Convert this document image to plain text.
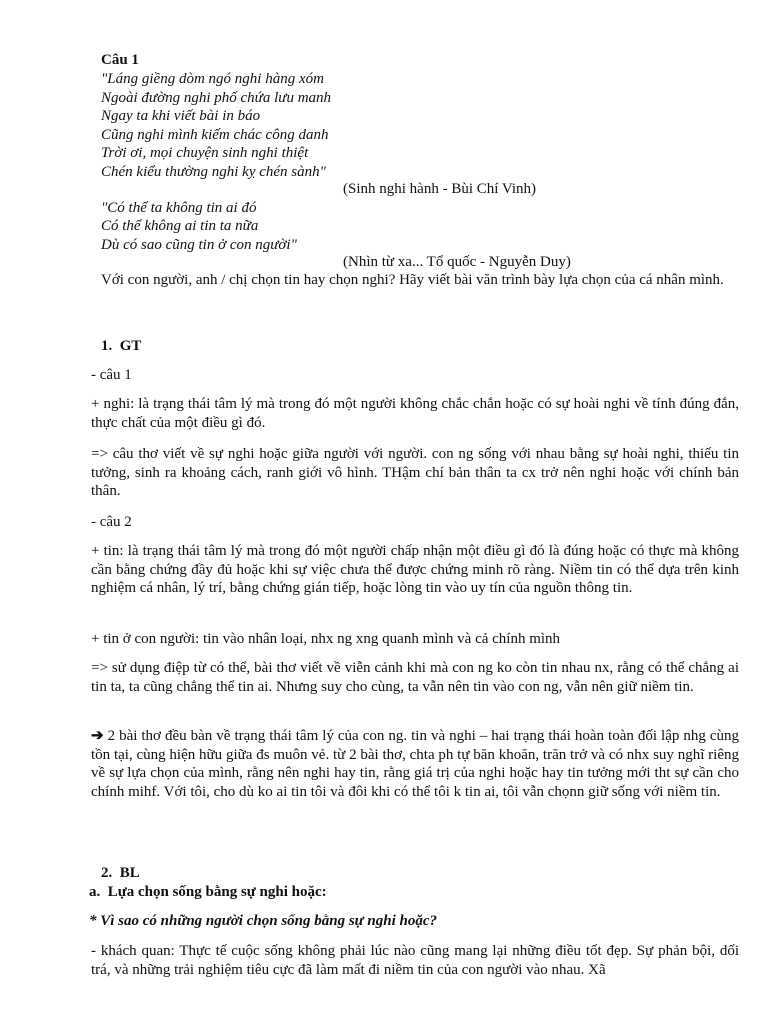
Câu 1
"Láng giềng dòm ngó nghi hàng xóm
Ngoài đường nghi phố chứa lưu manh
Ngay ta khi viết bài in báo
Cũng nghi mình kiếm chác công danh
Trời ơi, mọi chuyện sinh nghi thiệt
Chén kiểu thường nghi kỵ chén sành"
(Sinh nghi hành - Bùi Chí Vinh)
"Có thể ta không tin ai đó
Có thể không ai tin ta nữa
Dù có sao cũng tin ở con người"
(Nhìn từ xa... Tổ quốc - Nguyễn Duy)
Với con người, anh / chị chọn tin hay chọn nghi? Hãy viết bài văn trình bày lựa chọn của cá nhân mình.
1. GT
- câu 1
+ nghi: là trạng thái tâm lý mà trong đó một người không chắc chắn hoặc có sự hoài nghi về tính đúng đắn, thực chất của một điều gì đó.
=> câu thơ viết về sự nghi hoặc giữa người với người. con ng sống với nhau bằng sự hoài nghi, thiếu tin tưởng, sinh ra khoảng cách, ranh giới vô hình. THậm chí bản thân ta cx trở nên nghi hoặc với chính bản thân.
- câu 2
+ tin: là trạng thái tâm lý mà trong đó một người chấp nhận một điều gì đó là đúng hoặc có thực mà không cần bằng chứng đầy đủ hoặc khi sự việc chưa thể được chứng minh rõ ràng. Niềm tin có thể dựa trên kinh nghiệm cá nhân, lý trí, bằng chứng gián tiếp, hoặc lòng tin vào uy tín của nguồn thông tin.
+ tin ở con người: tin vào nhân loại, nhx ng xng quanh mình và cả chính mình
=> sử dụng điệp từ có thể, bài thơ viết về viễn cảnh khi mà con ng ko còn tin nhau nx, rằng có thể chẳng ai tin ta, ta cũng chẳng thể tin ai. Nhưng suy cho cùng, ta vẫn nên tin vào con ng, vẫn nên giữ niềm tin.
➔ 2 bài thơ đều bàn về trạng thái tâm lý của con ng. tin và nghi – hai trạng thái hoàn toàn đối lập nhg cùng tồn tại, cùng hiện hữu giữa đs muôn vẻ. từ 2 bài thơ, chta ph tự băn khoăn, trăn trở và có nhx suy nghĩ riêng về sự lựa chọn của mình, rằng nên nghi hay tin, rằng giá trị của nghi hoặc hay tin tưởng mới tht sự cần cho chính mihf. Với tôi, cho dù ko ai tin tôi và đôi khi có thể tôi k tin ai, tôi vẫn chọnn giữ sống với niềm tin.
2. BL
a. Lựa chọn sống bằng sự nghi hoặc:
* Vì sao có những người chọn sống bằng sự nghi hoặc?
- khách quan: Thực tế cuộc sống không phải lúc nào cũng mang lại những điều tốt đẹp. Sự phản bội, dối trá, và những trải nghiệm tiêu cực đã làm mất đi niềm tin của con người vào nhau. Xã
